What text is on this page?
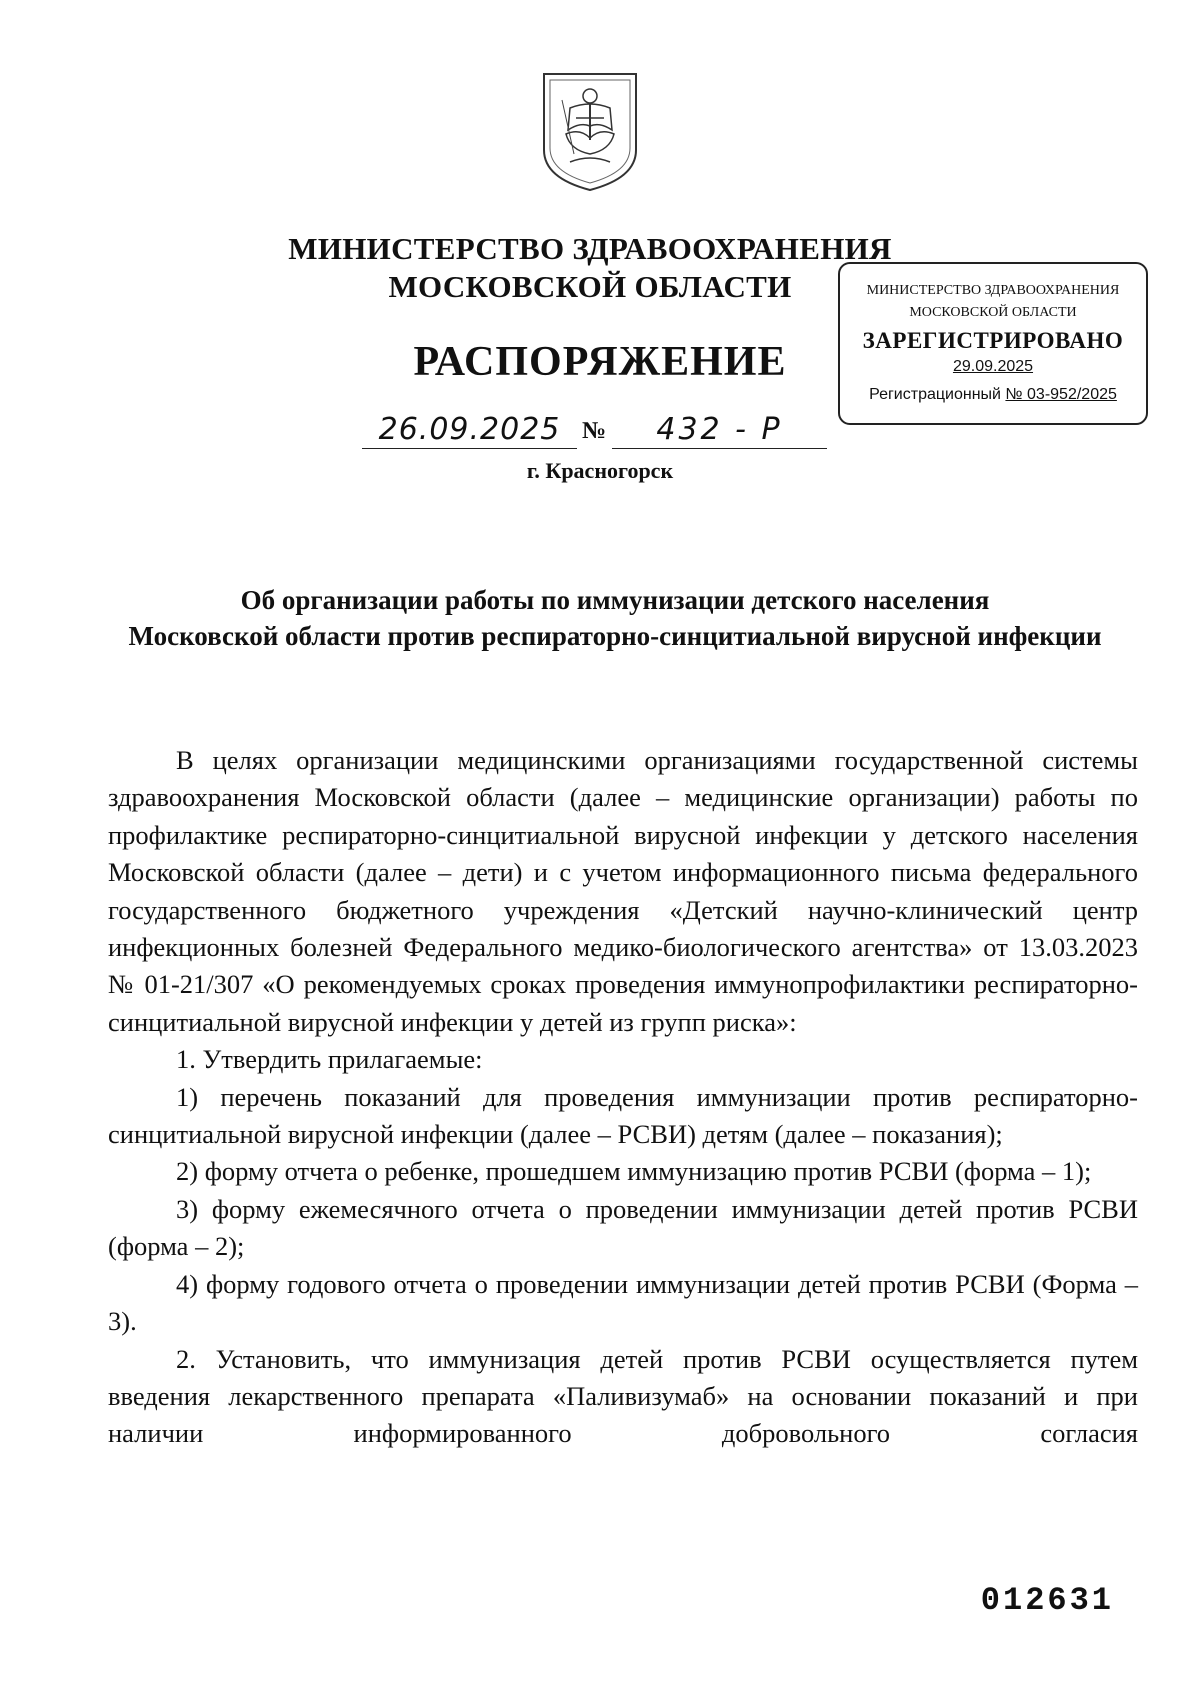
МИНИСТЕРСТВО ЗДРАВООХРАНЕНИЯ
МОСКОВСКОЙ ОБЛАСТИ
РАСПОРЯЖЕНИЕ
26.09.2025 №	432 - Р
г. Красногорск
МИНИСТЕРСТВО ЗДРАВООХРАНЕНИЯ
МОСКОВСКОЙ ОБЛАСТИ
ЗАРЕГИСТРИРОВАНО
29.09.2025
Регистрационный № 03-952/2025
Об организации работы по иммунизации детского населения
Московской области против респираторно-синцитиальной вирусной инфекции

В целях организации медицинскими организациями государственной системы здравоохранения Московской области (далее – медицинские организации) работы по профилактике респираторно-синцитиальной вирусной инфекции у детского населения Московской области (далее – дети) и с учетом информационного письма федерального государственного бюджетного учреждения «Детский научно-клинический центр инфекционных болезней Федерального медико-биологического агентства» от 13.03.2023 № 01-21/307 «О рекомендуемых сроках проведения иммунопрофилактики респираторно-синцитиальной вирусной инфекции у детей из групп риска»:

1. Утвердить прилагаемые:

1) перечень показаний для проведения иммунизации против респираторно-синцитиальной вирусной инфекции (далее – РСВИ) детям (далее – показания);

2) форму отчета о ребенке, прошедшем иммунизацию против РСВИ (форма – 1);

3) форму ежемесячного отчета о проведении иммунизации детей против РСВИ (форма – 2);

4) форму годового отчета о проведении иммунизации детей против РСВИ (Форма – 3).

2. Установить, что иммунизация детей против РСВИ осуществляется путем введения лекарственного препарата «Паливизумаб» на основании показаний и при наличии информированного добровольного согласия

012631
